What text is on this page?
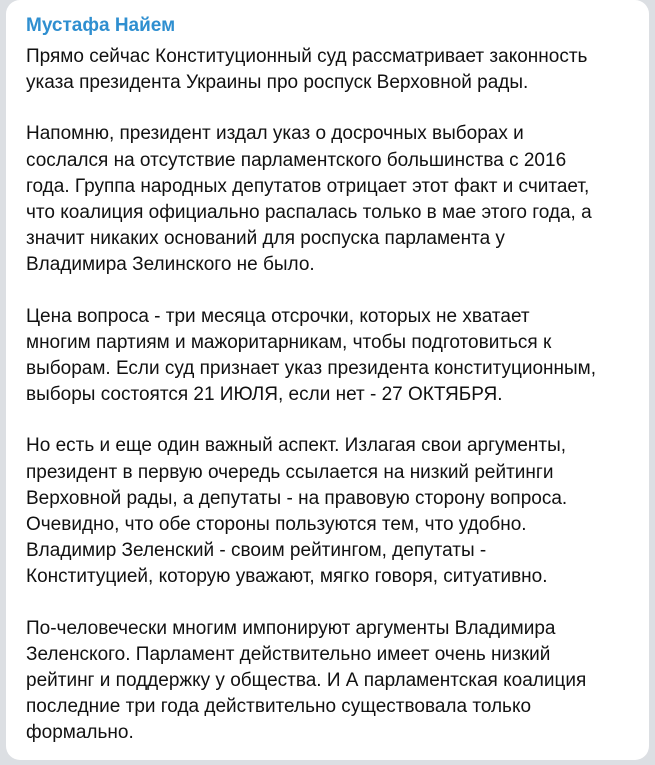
Мустафа Найем
Прямо сейчас Конституционный суд рассматривает законность
указа президента Украины про роспуск Верховной рады.
Напомню, президент издал указ о досрочных выборах и
сослался на отсутствие парламентского большинства с 2016
года. Группа народных депутатов отрицает этот факт и считает,
что коалиция официально распалась только в мае этого года, а
значит никаких оснований для роспуска парламента у
Владимира Зелинского не было.
Цена вопроса - три месяца отсрочки, которых не хватает
многим партиям и мажоритарникам, чтобы подготовиться к
выборам. Если суд признает указ президента конституционным,
выборы состоятся 21 ИЮЛЯ, если нет - 27 ОКТЯБРЯ.
Но есть и еще один важный аспект. Излагая свои аргументы,
президент в первую очередь ссылается на низкий рейтинги
Верховной рады, а депутаты - на правовую сторону вопроса.
Очевидно, что обе стороны пользуются тем, что удобно.
Владимир Зеленский - своим рейтингом, депутаты -
Конституцией, которую уважают, мягко говоря, ситуативно.
По-человечески многим импонируют аргументы Владимира
Зеленского. Парламент действительно имеет очень низкий
рейтинг и поддержку у общества. И А парламентская коалиция
последние три года действительно существовала только
формально.
